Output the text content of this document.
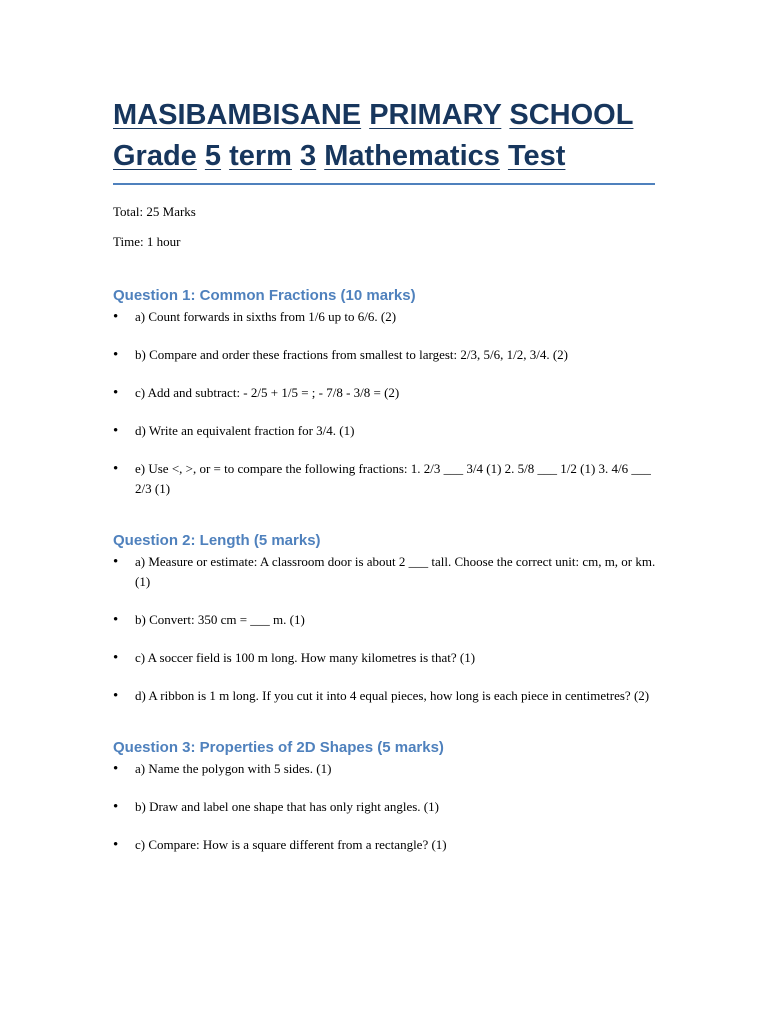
MASIBAMBISANE PRIMARY SCHOOL
Grade 5 term 3 Mathematics Test

Total: 25 Marks

Time: 1 hour

Question 1: Common Fractions (10 marks)
• a) Count forwards in sixths from 1/6 up to 6/6. (2)
• b) Compare and order these fractions from smallest to largest: 2/3, 5/6, 1/2, 3/4. (2)
• c) Add and subtract: - 2/5 + 1/5 = ; - 7/8 - 3/8 = (2)
• d) Write an equivalent fraction for 3/4. (1)
• e) Use <, >, or = to compare the following fractions: 1. 2/3 ___ 3/4 (1) 2. 5/8 ___ 1/2 (1) 3. 4/6 ___ 2/3 (1)
Question 2: Length (5 marks)
• a) Measure or estimate: A classroom door is about 2 ___ tall. Choose the correct unit: cm, m, or km. (1)
• b) Convert: 350 cm = ___ m. (1)
• c) A soccer field is 100 m long. How many kilometres is that? (1)
• d) A ribbon is 1 m long. If you cut it into 4 equal pieces, how long is each piece in centimetres? (2)
Question 3: Properties of 2D Shapes (5 marks)
• a) Name the polygon with 5 sides. (1)
• b) Draw and label one shape that has only right angles. (1)
• c) Compare: How is a square different from a rectangle? (1)
